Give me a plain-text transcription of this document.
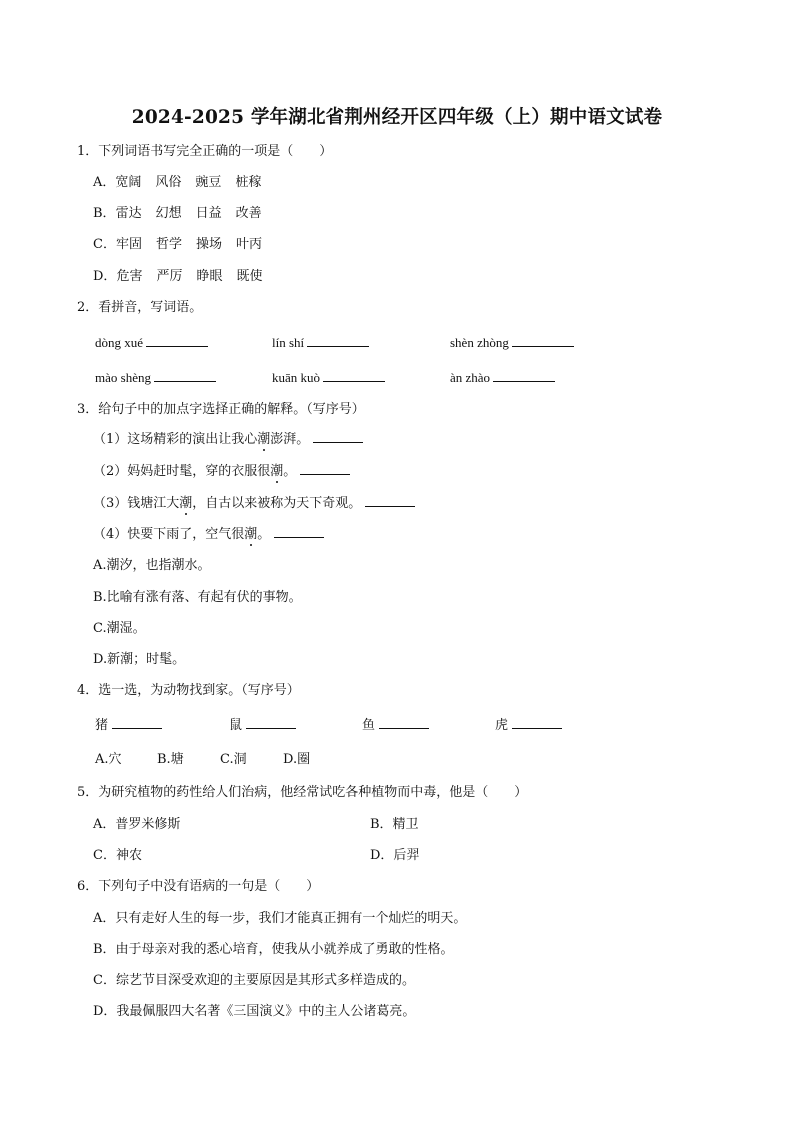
2024-2025 学年湖北省荆州经开区四年级（上）期中语文试卷
1．下列词语书写完全正确的一项是（　　）
A．宽阔 风俗 豌豆 桩稼
B．雷达 幻想 日益 改善
C．牢固 哲学 操场 叶丙
D．危害 严厉 睁眼 既使
2．看拼音，写词语。
dòng xué	lín shí	shèn zhòng
mào shèng	kuān kuò	àn zhào
3．给句子中的加点字选择正确的解释。（写序号）
（1）这场精彩的演出让我心潮澎湃。
（2）妈妈赶时髦，穿的衣服很潮。
（3）钱塘江大潮，自古以来被称为天下奇观。
（4）快要下雨了，空气很潮。
A.潮汐，也指潮水。
B.比喻有涨有落、有起有伏的事物。
C.潮湿。
D.新潮；时髦。
4．选一选，为动物找到家。（写序号）
猪	鼠	鱼	虎
A.穴	B.塘	C.洞	D.圈
5．为研究植物的药性给人们治病，他经常试吃各种植物而中毒，他是（　　）
A．普罗米修斯	B．精卫
C．神农	D．后羿
6．下列句子中没有语病的一句是（　　）
A．只有走好人生的每一步，我们才能真正拥有一个灿烂的明天。
B．由于母亲对我的悉心培育，使我从小就养成了勇敢的性格。
C．综艺节目深受欢迎的主要原因是其形式多样造成的。
D．我最佩服四大名著《三国演义》中的主人公诸葛亮。
